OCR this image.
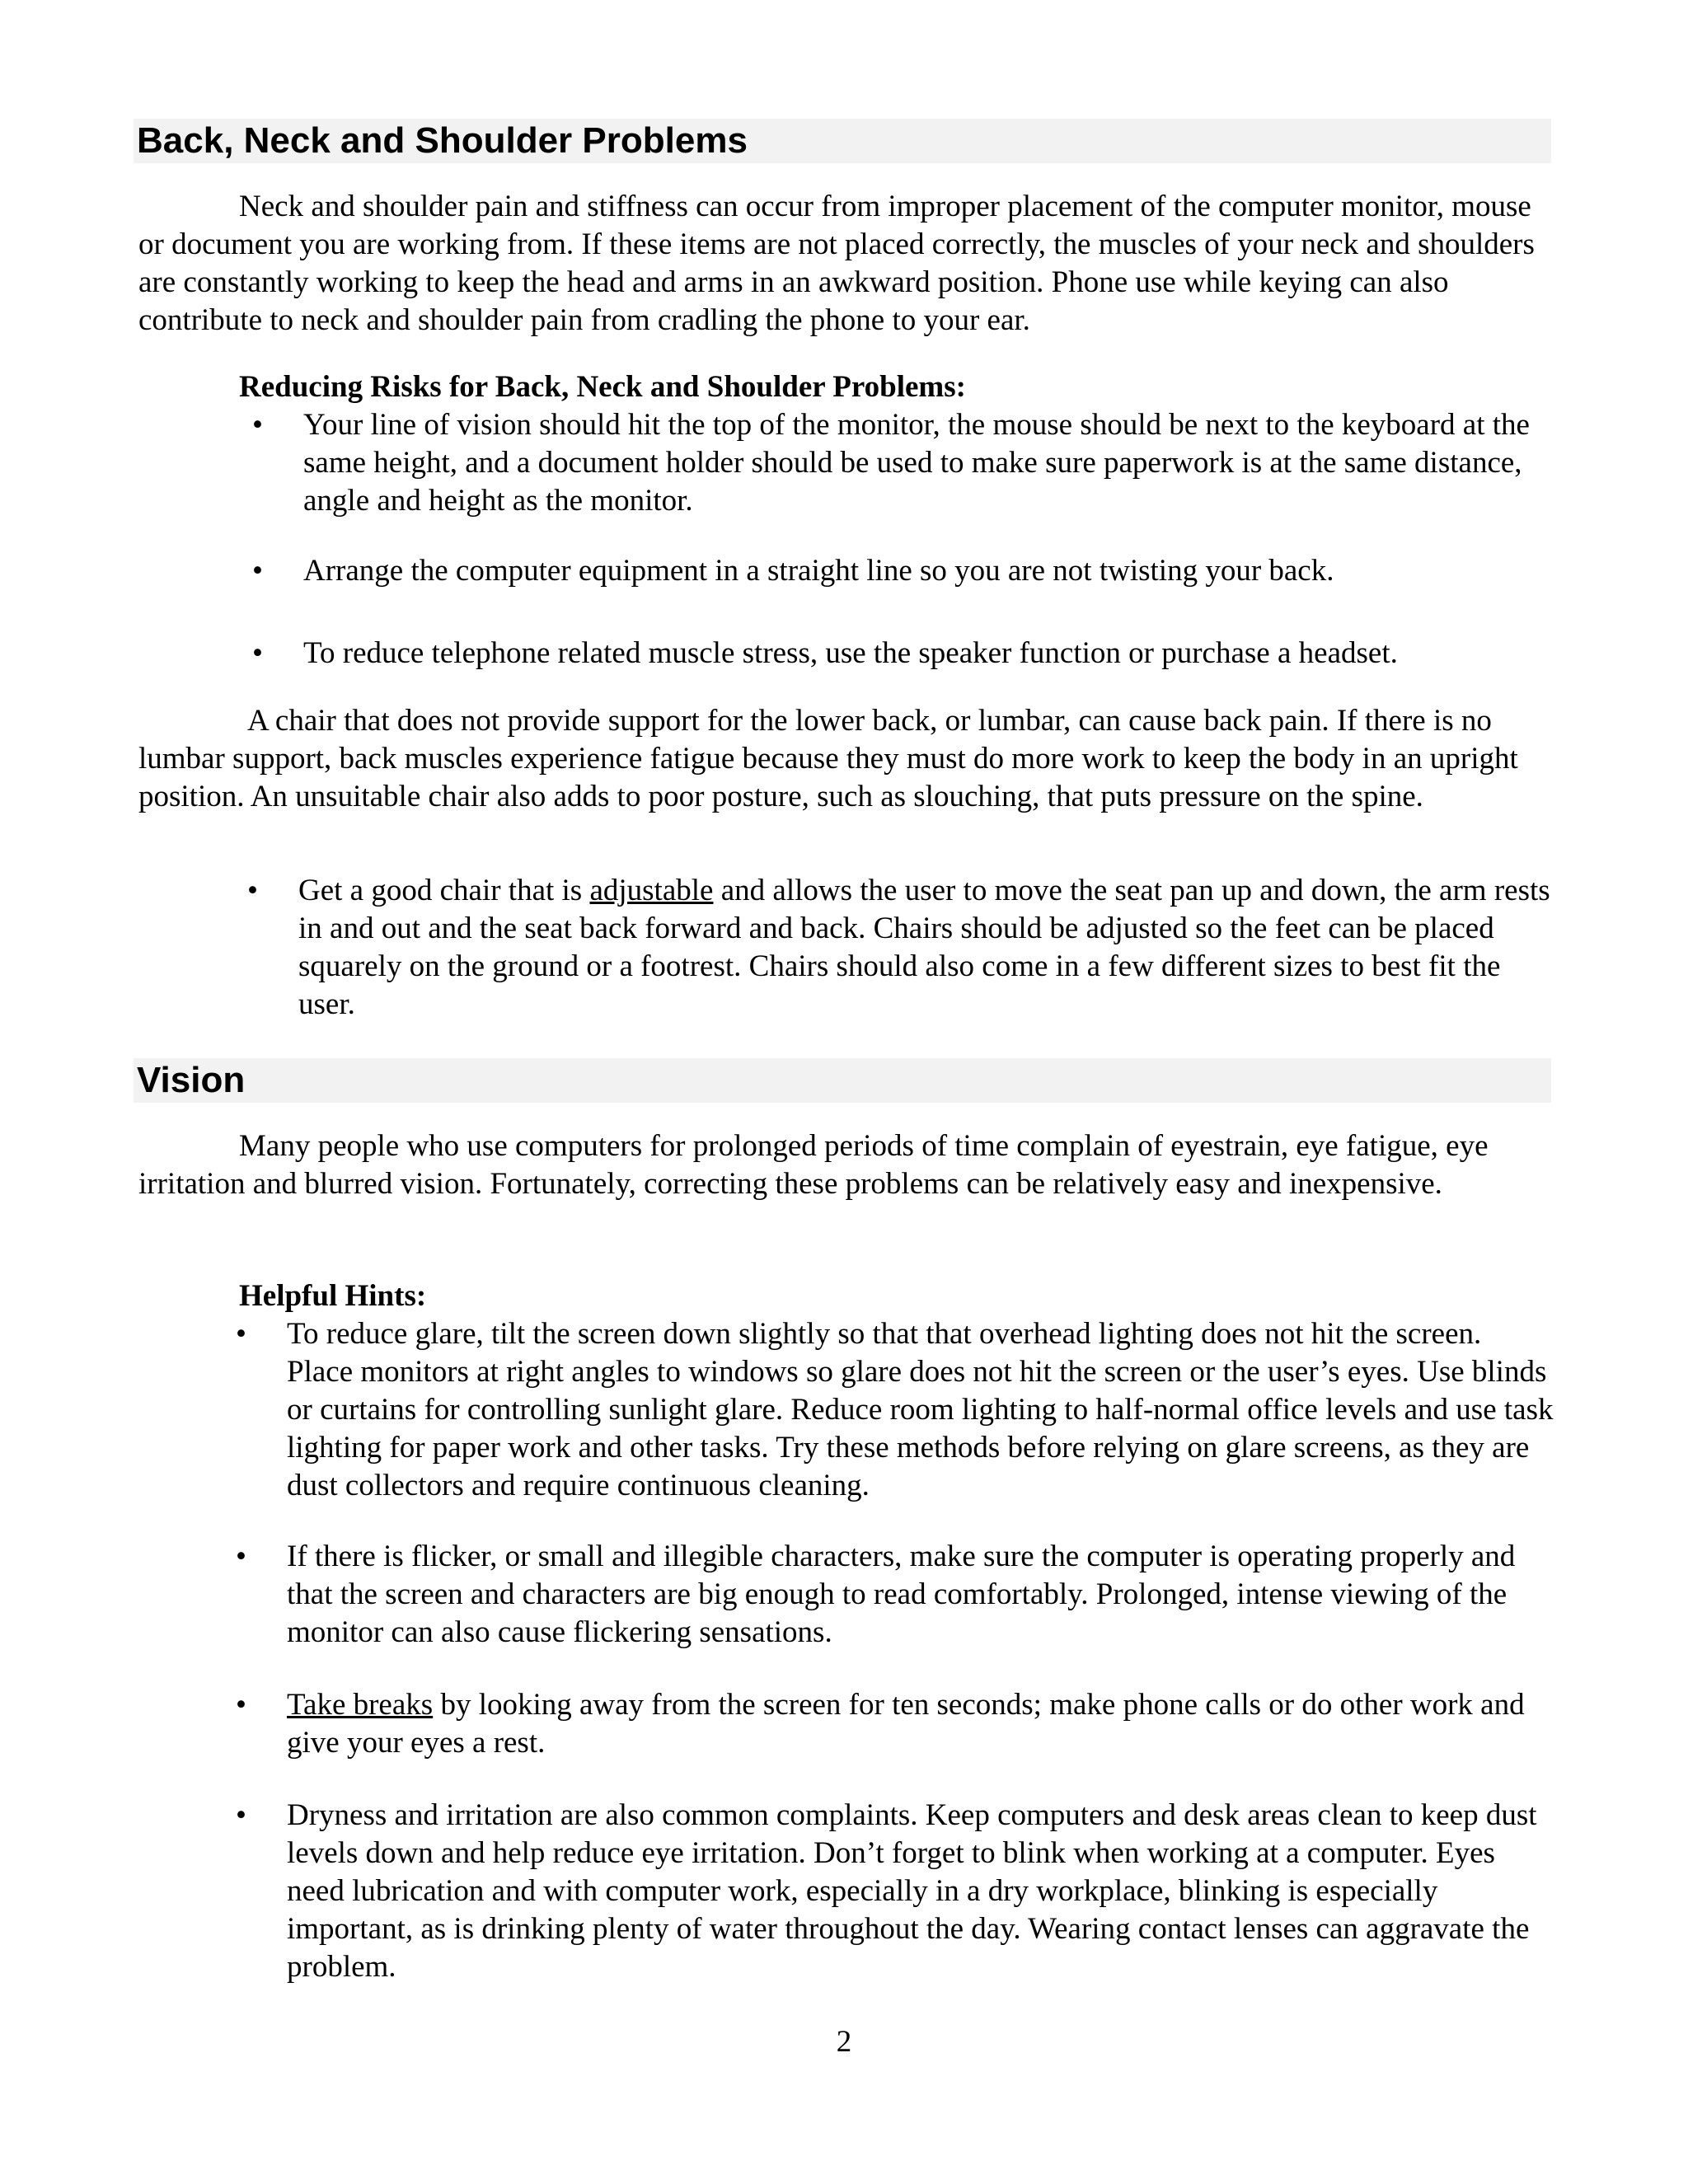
Back, Neck and Shoulder Problems

Neck and shoulder pain and stiffness can occur from improper placement of the computer monitor, mouse or document you are working from. If these items are not placed correctly, the muscles of your neck and shoulders are constantly working to keep the head and arms in an awkward position. Phone use while keying can also contribute to neck and shoulder pain from cradling the phone to your ear.

Reducing Risks for Back, Neck and Shoulder Problems:

•	Your line of vision should hit the top of the monitor, the mouse should be next to the keyboard at the same height, and a document holder should be used to make sure paperwork is at the same distance, angle and height as the monitor.
•	Arrange the computer equipment in a straight line so you are not twisting your back.
•	To reduce telephone related muscle stress, use the speaker function or purchase a headset.

A chair that does not provide support for the lower back, or lumbar, can cause back pain. If there is no lumbar support, back muscles experience fatigue because they must do more work to keep the body in an upright position. An unsuitable chair also adds to poor posture, such as slouching, that puts pressure on the spine.

•	Get a good chair that is adjustable and allows the user to move the seat pan up and down, the arm rests in and out and the seat back forward and back. Chairs should be adjusted so the feet can be placed squarely on the ground or a footrest. Chairs should also come in a few different sizes to best fit the user.
Vision

Many people who use computers for prolonged periods of time complain of eyestrain, eye fatigue, eye irritation and blurred vision. Fortunately, correcting these problems can be relatively easy and inexpensive.

Helpful Hints:

•	To reduce glare, tilt the screen down slightly so that that overhead lighting does not hit the screen. Place monitors at right angles to windows so glare does not hit the screen or the user’s eyes. Use blinds or curtains for controlling sunlight glare. Reduce room lighting to half-normal office levels and use task lighting for paper work and other tasks. Try these methods before relying on glare screens, as they are dust collectors and require continuous cleaning.
•	If there is flicker, or small and illegible characters, make sure the computer is operating properly and that the screen and characters are big enough to read comfortably. Prolonged, intense viewing of the monitor can also cause flickering sensations.
•	Take breaks by looking away from the screen for ten seconds; make phone calls or do other work and give your eyes a rest.
•	Dryness and irritation are also common complaints. Keep computers and desk areas clean to keep dust levels down and help reduce eye irritation. Don’t forget to blink when working at a computer. Eyes need lubrication and with computer work, especially in a dry workplace, blinking is especially important, as is drinking plenty of water throughout the day. Wearing contact lenses can aggravate the problem.
2
